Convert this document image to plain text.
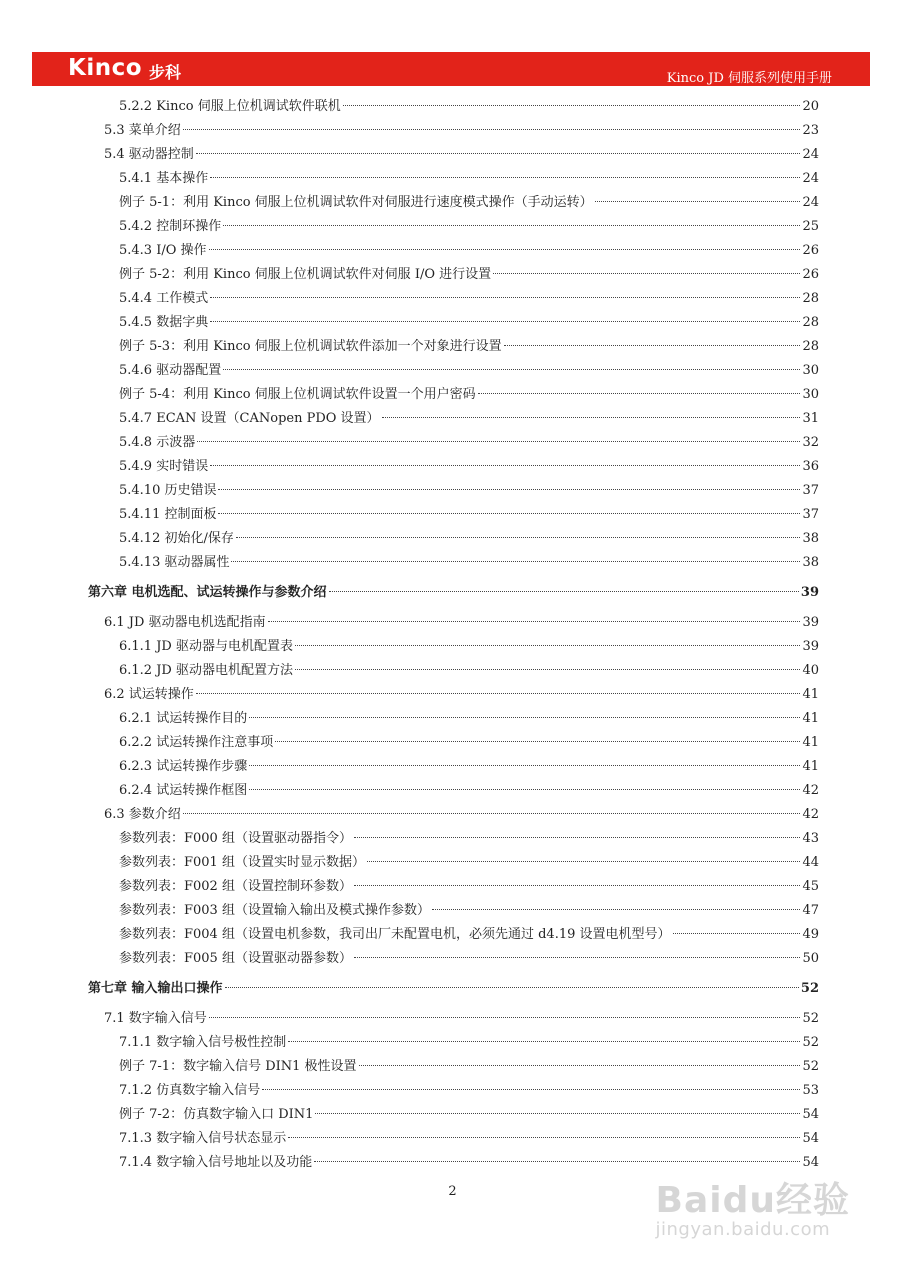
Kinco 步科	Kinco JD 伺服系列使用手册
5.2.2 Kinco 伺服上位机调试软件联机	20
5.3 菜单介绍	23
5.4 驱动器控制	24
5.4.1 基本操作	24
例子 5-1：利用 Kinco 伺服上位机调试软件对伺服进行速度模式操作（手动运转）	24
5.4.2 控制环操作	25
5.4.3 I/O 操作	26
例子 5-2：利用 Kinco 伺服上位机调试软件对伺服 I/O 进行设置	26
5.4.4 工作模式	28
5.4.5 数据字典	28
例子 5-3：利用 Kinco 伺服上位机调试软件添加一个对象进行设置	28
5.4.6 驱动器配置	30
例子 5-4：利用 Kinco 伺服上位机调试软件设置一个用户密码	30
5.4.7 ECAN 设置（CANopen PDO 设置）	31
5.4.8 示波器	32
5.4.9 实时错误	36
5.4.10 历史错误	37
5.4.11 控制面板	37
5.4.12 初始化/保存	38
5.4.13 驱动器属性	38
第六章 电机选配、试运转操作与参数介绍	39
6.1 JD 驱动器电机选配指南	39
6.1.1 JD 驱动器与电机配置表	39
6.1.2 JD 驱动器电机配置方法	40
6.2 试运转操作	41
6.2.1 试运转操作目的	41
6.2.2 试运转操作注意事项	41
6.2.3 试运转操作步骤	41
6.2.4 试运转操作框图	42
6.3 参数介绍	42
参数列表：F000 组（设置驱动器指令）	43
参数列表：F001 组（设置实时显示数据）	44
参数列表：F002 组（设置控制环参数）	45
参数列表：F003 组（设置输入输出及模式操作参数）	47
参数列表：F004 组（设置电机参数，我司出厂未配置电机，必须先通过 d4.19 设置电机型号）	49
参数列表：F005 组（设置驱动器参数）	50
第七章 输入输出口操作	52
7.1 数字输入信号	52
7.1.1 数字输入信号极性控制	52
例子 7-1：数字输入信号 DIN1 极性设置	52
7.1.2 仿真数字输入信号	53
例子 7-2：仿真数字输入口 DIN1	54
7.1.3 数字输入信号状态显示	54
7.1.4 数字输入信号地址以及功能	54
2	Baidu经验
jingyan.baidu.com
